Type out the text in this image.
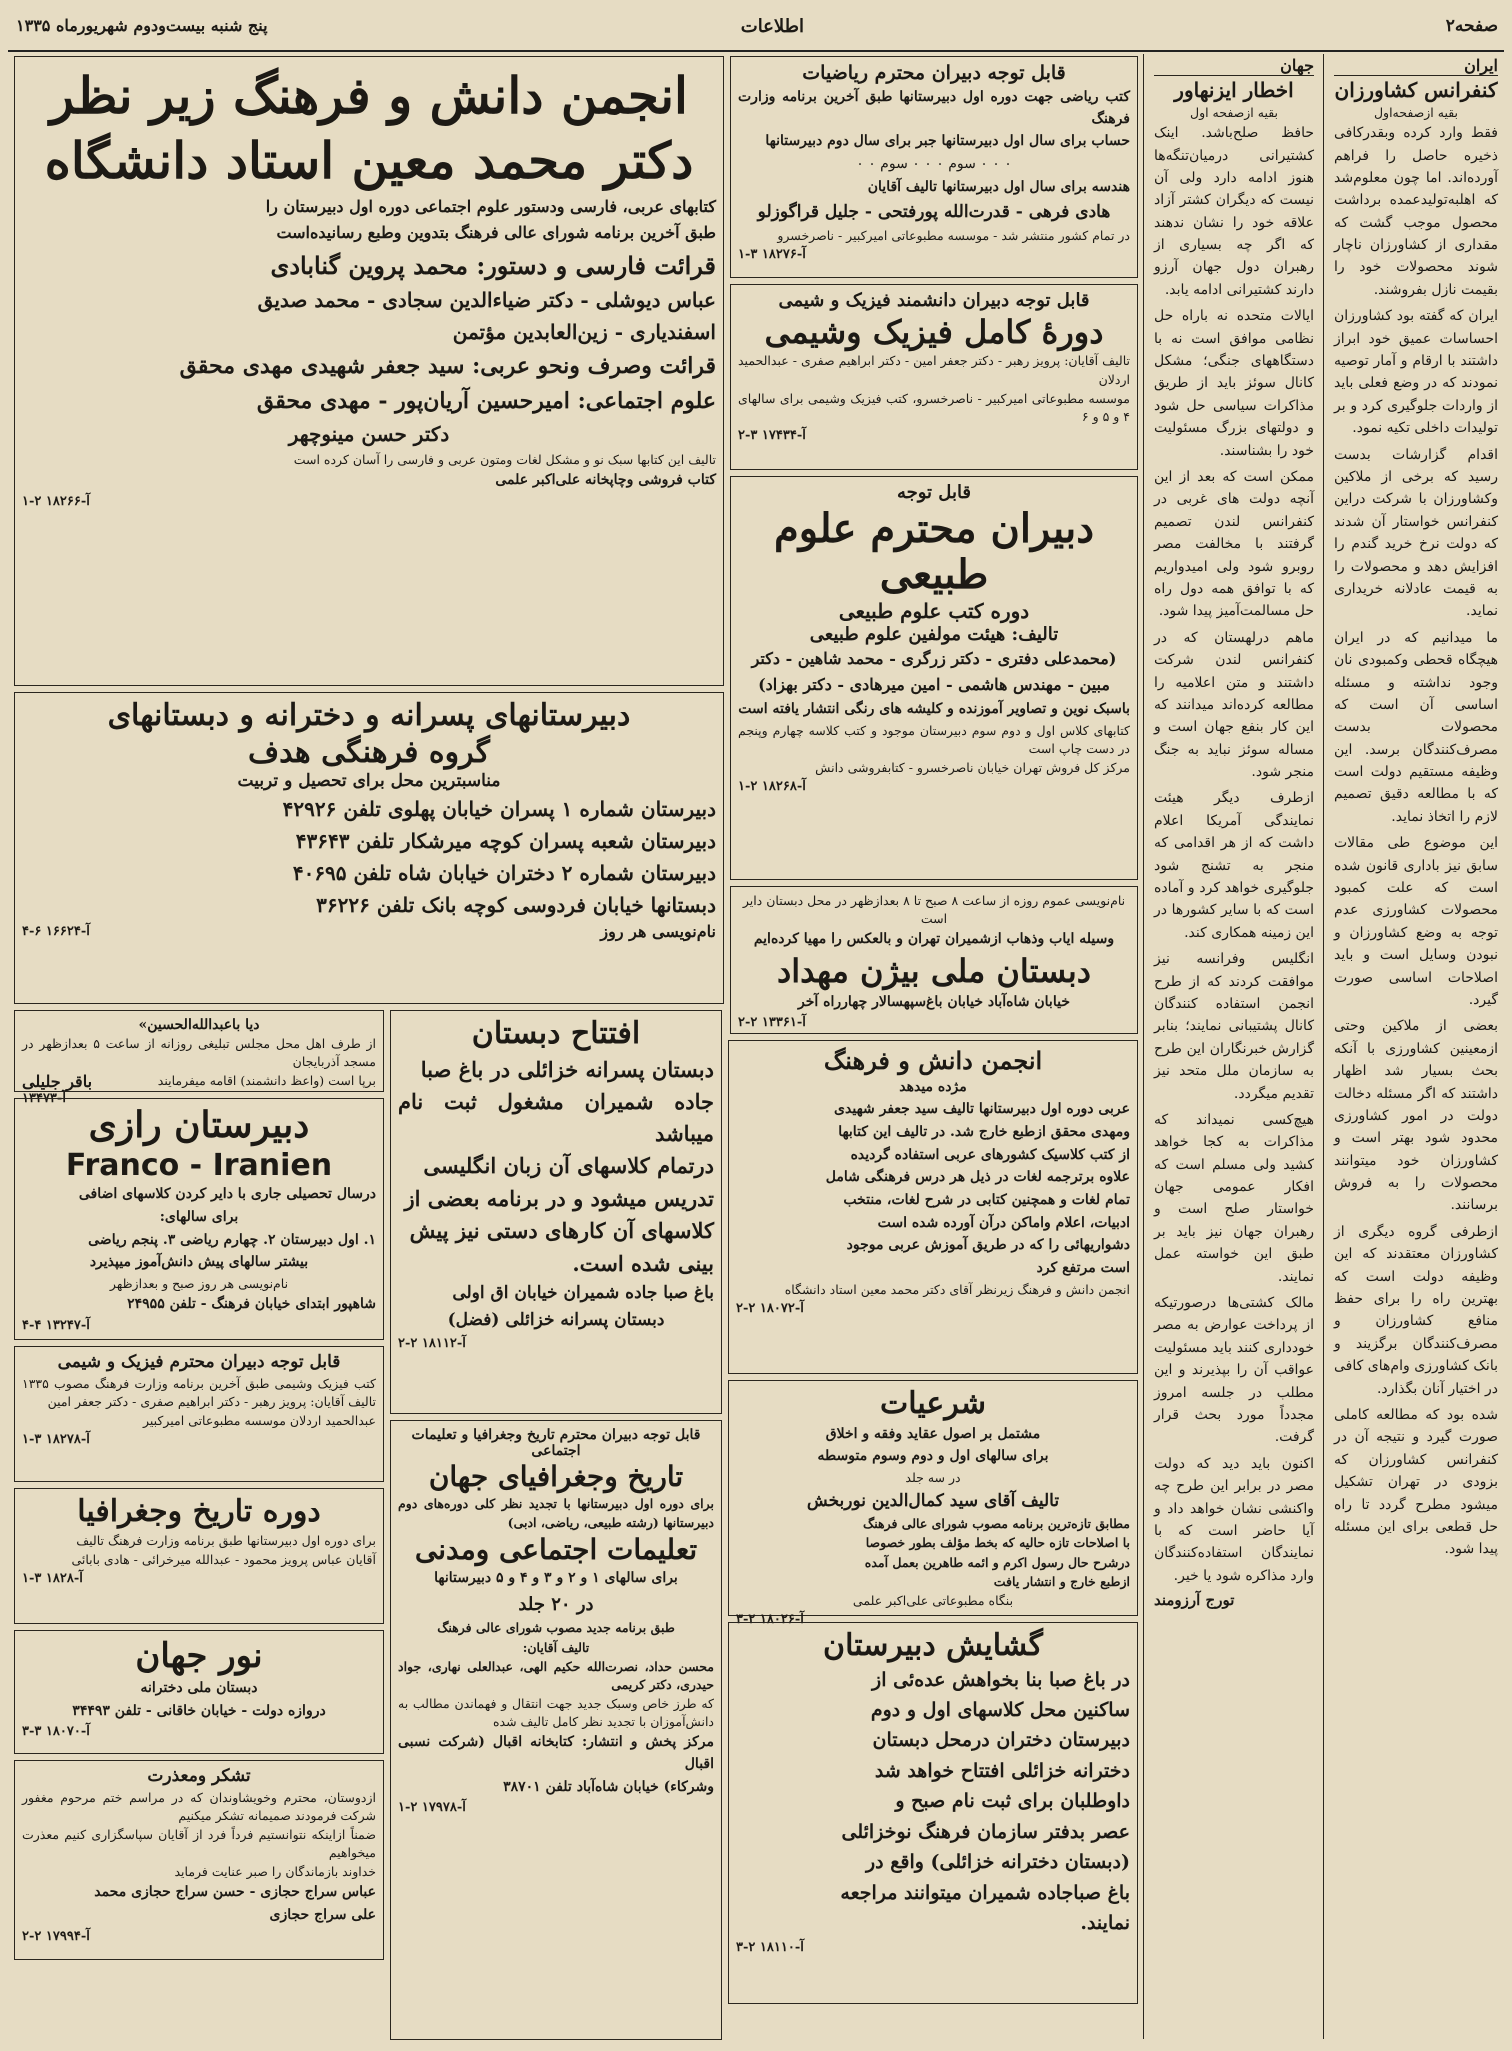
صفحه۲
اطلاعات
پنج شنبه بیست‌ودوم شهریورماه ۱۳۳۵
ایران
کنفرانس کشاورزان
بقیه ازصفحه‌اول

فقط وارد کرده وبقدرکافی ذخیره حاصل را فراهم آورده‌اند. اما چون معلوم‌شد که اهلبه‌تولیدعمده برداشت محصول موجب گشت که مقداری از کشاورزان ناچار شوند محصولات خود را بقیمت نازل بفروشند.

ایران که گفته بود کشاورزان احساسات عمیق خود ابراز داشتند با ارقام و آمار توصیه نمودند که در وضع فعلی باید از واردات جلوگیری کرد و بر تولیدات داخلی تکیه نمود.

اقدام گزارشات بدست رسید که برخی از ملاکین وکشاورزان با شرکت دراین کنفرانس خواستار آن شدند که دولت نرخ خرید گندم را افزایش دهد و محصولات را به قیمت عادلانه خریداری نماید.

ما میدانیم که در ایران هیچگاه قحطی وکمبودی نان وجود نداشته و مسئله اساسی آن است که محصولات بدست مصرف‌کنندگان برسد. این وظیفه مستقیم دولت است که با مطالعه دقیق تصمیم لازم را اتخاذ نماید.

این موضوع طی مقالات سابق نیز باداری قانون شده است که علت کمبود محصولات کشاورزی عدم توجه به وضع کشاورزان و نبودن وسایل است و باید اصلاحات اساسی صورت گیرد.

بعضی از ملاکین وحتی ازمعینین کشاورزی با آنکه بحث بسیار شد اظهار داشتند که اگر مسئله دخالت دولت در امور کشاورزی محدود شود بهتر است و کشاورزان خود میتوانند محصولات را به فروش برسانند.

ازطرفی گروه دیگری از کشاورزان معتقدند که این وظیفه دولت است که بهترین راه را برای حفظ منافع کشاورزان و مصرف‌کنندگان برگزیند و بانک کشاورزی وام‌های کافی در اختیار آنان بگذارد.

شده بود که مطالعه کاملی صورت گیرد و نتیجه آن در کنفرانس کشاورزان که بزودی در تهران تشکیل میشود مطرح گردد تا راه حل قطعی برای این مسئله پیدا شود.

جهان
اخطار ایزنهاور
بقیه ازصفحه اول

حافظ صلح‌باشد. اینک کشتیرانی درمیان‌تنگه‌ها هنوز ادامه دارد ولی آن نیست که دیگران کشتر آزاد علاقه خود را نشان ندهند که اگر چه بسیاری از رهبران دول جهان آرزو دارند کشتیرانی ادامه یابد.

ایالات متحده نه باراه حل نظامی موافق است نه با دستگاههای جنگی؛ مشکل کانال سوئز باید از طریق مذاکرات سیاسی حل شود و دولتهای بزرگ مسئولیت خود را بشناسند.

ممکن است که بعد از این آنچه دولت های غربی در کنفرانس لندن تصمیم گرفتند با مخالفت مصر روبرو شود ولی امیدواریم که با توافق همه دول راه حل مسالمت‌آمیز پیدا شود.

ماهم درلهستان که در کنفرانس لندن شرکت داشتند و متن اعلامیه را مطالعه کرده‌اند میدانند که این کار بنفع جهان است و مساله سوئز نباید به جنگ منجر شود.

ازطرف دیگر هیئت نمایندگی آمریکا اعلام داشت که از هر اقدامی که منجر به تشنج شود جلوگیری خواهد کرد و آماده است که با سایر کشورها در این زمینه همکاری کند.

انگلیس وفرانسه نیز موافقت کردند که از طرح انجمن استفاده کنندگان کانال پشتیبانی نمایند؛ بنابر گزارش خبرنگاران این طرح به سازمان ملل متحد نیز تقدیم میگردد.

هیچ‌کسی نمیداند که مذاکرات به کجا خواهد کشید ولی مسلم است که افکار عمومی جهان خواستار صلح است و رهبران جهان نیز باید بر طبق این خواسته عمل نمایند.

مالک کشتی‌ها درصورتیکه از پرداخت عوارض به مصر خودداری کنند باید مسئولیت عواقب آن را بپذیرند و این مطلب در جلسه امروز مجدداً مورد بحث قرار گرفت.

اکنون باید دید که دولت مصر در برابر این طرح چه واکنشی نشان خواهد داد و آیا حاضر است که با نمایندگان استفاده‌کنندگان وارد مذاکره شود یا خیر.

تورج آرزومند
قابل توجه دبیران محترم ریاضیات
کتب ریاضی جهت دوره اول دبیرستانها طبق آخرین برنامه وزارت فرهنگ
حساب برای سال اول دبیرستانها جبر برای سال دوم دبیرستانها
۰ ۰ ۰ سوم ۰ ۰ ۰ سوم ۰ ۰
هندسه برای سال اول دبیرستانها تالیف آقایان
هادی فرهی - قدرت‌الله پورفتحی - جلیل قراگوزلو
در تمام کشور منتشر شد - موسسه مطبوعاتی امیرکبیر - ناصرخسرو
آ-۱۸۲۷۶ ۳-۱
قابل توجه دبیران دانشمند فیزیک و شیمی
دورهٔ کامل فیزیک وشیمی
تالیف آقایان: پرویز رهبر - دکتر جعفر امین - دکتر ابراهیم صفری - عبدالحمید اردلان
موسسه مطبوعاتی امیرکبیر - ناصرخسرو، کتب فیزیک وشیمی برای سالهای ۴ و ۵ و ۶
آ-۱۷۴۳۴ ۳-۲
قابل توجه
دبیران محترم علوم طبیعی
دوره کتب علوم طبیعی
تالیف: هیئت مولفین علوم طبیعی
(محمدعلی دفتری - دکتر زرگری - محمد شاهین - دکتر
مبین - مهندس هاشمی - امین میرهادی - دکتر بهزاد)
باسبک نوین و تصاویر آموزنده و کلیشه های رنگی انتشار یافته است
کتابهای کلاس اول و دوم سوم دبیرستان موجود و کتب کلاسه چهارم وپنجم در دست چاپ است
مرکز کل فروش تهران خیابان ناصرخسرو - کتابفروشی دانش
آ-۱۸۲۶۸ ۲-۱
نام‌نویسی عموم روزه از ساعت ۸ صبح تا ۸ بعدازظهر در محل دبستان دایر است
وسیله ایاب وذهاب ازشمیران تهران و بالعکس را مهیا کرده‌ایم
دبستان ملی بیژن مهداد
خیابان شاه‌آباد خیابان باغ‌سپهسالار چهارراه آخر
آ-۱۳۳۶۱ ۲-۲
انجمن دانش و فرهنگ زیر نظر دکتر محمد معین استاد دانشگاه
کتابهای عربی، فارسی ودستور علوم اجتماعی دوره اول دبیرستان را
طبق آخرین برنامه شورای عالی فرهنگ بتدوین وطبع رسانیده‌است
قرائت فارسی و دستور: محمد پروین گنابادی
عباس دیوشلی - دکتر ضیاءالدین سجادی - محمد صدیق
اسفندیاری - زین‌العابدین مؤتمن
قرائت وصرف ونحو عربی: سید جعفر شهیدی مهدی محقق
علوم اجتماعی: امیرحسین آریان‌پور - مهدی محقق
دکتر حسن مینوچهر
تالیف این کتابها سبک نو و مشکل لغات ومتون عربی و فارسی را آسان کرده است
کتاب فروشی وچاپخانه علی‌اکبر علمی
آ-۱۸۲۶۶ ۲-۱
دبیرستانهای پسرانه و دخترانه و دبستانهای
گروه فرهنگی هدف
مناسبترین محل برای تحصیل و تربیت
دبیرستان شماره ۱ پسران خیابان پهلوی تلفن ۴۲۹۲۶
دبیرستان شعبه پسران کوچه میرشکار تلفن ۴۳۶۴۳
دبیرستان شماره ۲ دختران خیابان شاه تلفن ۴۰۶۹۵
دبستانها خیابان فردوسی کوچه بانک تلفن ۳۶۲۲۶
نام‌نویسی هر روز
آ-۱۶۶۲۴ ۶-۴
دیا باعبدالله‌الحسین»
از طرف اهل محل مجلس تبلیغی روزانه از ساعت ۵ بعدازظهر در مسجد آذربایجان
برپا است (واعظ دانشمند) اقامه میفرمایند
باقر جلیلی
آ-۱۳۴۷۳
دبیرستان رازی
Franco - Iranien
درسال تحصیلی جاری با دایر کردن کلاسهای اضافی
برای سالهای:
۱. اول دبیرستان ۲. چهارم ریاضی ۳. پنجم ریاضی
بیشتر سالهای پیش دانش‌آموز میپذیرد
نام‌نویسی هر روز صبح و بعدازظهر
شاهپور ابتدای خیابان فرهنگ - تلفن ۲۴۹۵۵
آ-۱۳۲۴۷ ۴-۴
قابل توجه دبیران محترم فیزیک و شیمی
کتب فیزیک وشیمی طبق آخرین برنامه وزارت فرهنگ مصوب ۱۳۳۵ تالیف آقایان: پرویز رهبر - دکتر ابراهیم صفری - دکتر جعفر امین
عبدالحمید اردلان موسسه مطبوعاتی امیرکبیر
آ-۱۸۲۷۸ ۳-۱
دوره تاریخ وجغرافیا
برای دوره اول دبیرستانها طبق برنامه وزارت فرهنگ تالیف
آقایان عباس پرویز محمود - عبدالله میرخرائی - هادی بابائی
آ-۱۸۲۸ ۳-۱
نور جهان
دبستان ملی دخترانه
دروازه دولت - خیابان خاقانی - تلفن ۳۴۴۹۳
آ-۱۸۰۷۰ ۳-۳
تشکر ومعذرت
ازدوستان، محترم وخویشاوندان که در مراسم ختم مرحوم مغفور شرکت فرمودند صمیمانه تشکر میکنیم
ضمناً ازاینکه نتوانستیم فرداً فرد از آقایان سپاسگزاری کنیم معذرت میخواهیم
خداوند بازماندگان را صبر عنایت فرماید
عباس سراج حجازی - حسن سراج حجازی محمد
علی سراج حجازی
آ-۱۷۹۹۴ ۲-۲
افتتاح دبستان
دبستان پسرانه خزائلی در باغ صبا
جاده شمیران مشغول ثبت نام میباشد
درتمام کلاسهای آن زبان انگلیسی
تدریس میشود و در برنامه بعضی از
کلاسهای آن کارهای دستی نیز پیش
بینی شده است.
باغ صبا جاده شمیران خیابان اق اولی
دبستان پسرانه خزائلی (فضل)
آ-۱۸۱۱۲ ۲-۲
قابل توجه دبیران محترم تاریخ وجغرافیا و تعلیمات اجتماعی
تاریخ وجغرافیای جهان
برای دوره اول دبیرستانها با تجدید نظر کلی دوره‌های دوم دبیرستانها (رشته طبیعی، ریاضی، ادبی)
تعلیمات اجتماعی ومدنی
برای سالهای ۱ و ۲ و ۳ و ۴ و ۵ دبیرستانها
در ۲۰ جلد
طبق برنامه جدید مصوب شورای عالی فرهنگ
تالیف آقایان:
محسن حداد، نصرت‌الله حکیم الهی، عبدالعلی نهاری، جواد حیدری، دکتر کریمی
که طرز خاص وسبک جدید جهت انتقال و فهماندن مطالب به دانش‌آموزان با تجدید نظر کامل تالیف شده
مرکز پخش و انتشار: کتابخانه اقبال (شرکت نسبی اقبال
وشرکاء) خیابان شاه‌آباد تلفن ۳۸۷۰۱
آ-۱۷۹۷۸ ۲-۱
انجمن دانش و فرهنگ
مژده میدهد
عربی دوره اول دبیرستانها تالیف سید جعفر شهیدی
ومهدی محقق ازطبع خارج شد. در تالیف این کتابها
از کتب کلاسیک کشورهای عربی استفاده گردیده
علاوه برترجمه لغات در ذیل هر درس فرهنگی شامل
تمام لغات و همچنین کتابی در شرح لغات، منتخب
ادبیات، اعلام واماکن درآن آورده شده است
دشواریهائی را که در طریق آموزش عربی موجود
است مرتفع کرد
انجمن دانش و فرهنگ زیرنظر آقای دکتر محمد معین استاد دانشگاه
آ-۱۸۰۷۲ ۲-۲
شرعیات
مشتمل بر اصول عقاید وفقه و اخلاق
برای سالهای اول و دوم وسوم متوسطه
در سه جلد
تالیف آقای سید کمال‌الدین نوربخش
مطابق تازه‌ترین برنامه مصوب شورای عالی فرهنگ
با اصلاحات تازه حالیه که بخط مؤلف بطور خصوصا
درشرح حال رسول اکرم و ائمه طاهرین بعمل آمده
ازطبع خارج و انتشار یافت
بنگاه مطبوعاتی علی‌اکبر علمی
آ-۱۸۰۲۶ ۲-۳
گشایش دبیرستان
در باغ صبا بنا بخواهش عده‌ئی از
ساکنین محل کلاسهای اول و دوم
دبیرستان دختران درمحل دبستان
دخترانه خزائلی افتتاح خواهد شد
داوطلبان برای ثبت نام صبح و
عصر بدفتر سازمان فرهنگ نوخزائلی
(دبستان دخترانه خزائلی) واقع در
باغ صباجاده شمیران میتوانند مراجعه
نمایند.
آ-۱۸۱۱۰ ۲-۳
